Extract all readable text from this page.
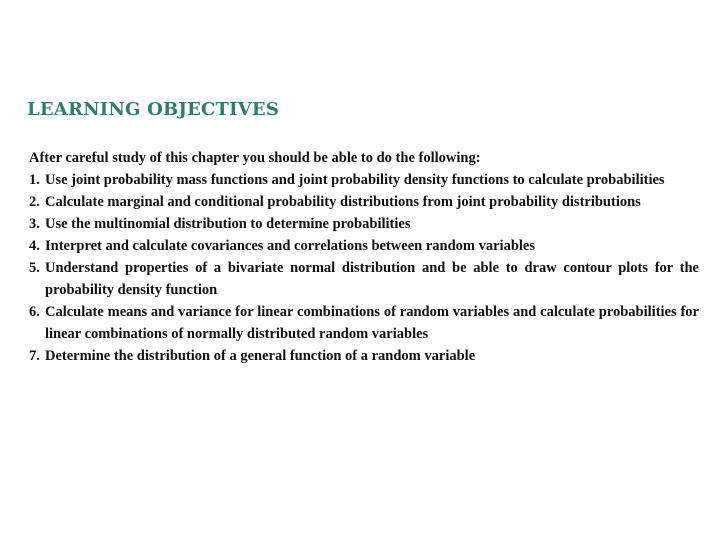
LEARNING OBJECTIVES

After careful study of this chapter you should be able to do the following:

1. Use joint probability mass functions and joint probability density functions to calculate probabilities
2. Calculate marginal and conditional probability distributions from joint probability distributions
3. Use the multinomial distribution to determine probabilities
4. Interpret and calculate covariances and correlations between random variables
5. Understand properties of a bivariate normal distribution and be able to draw contour plots for the probability density function
6. Calculate means and variance for linear combinations of random variables and calculate probabilities for linear combinations of normally distributed random variables
7. Determine the distribution of a general function of a random variable
